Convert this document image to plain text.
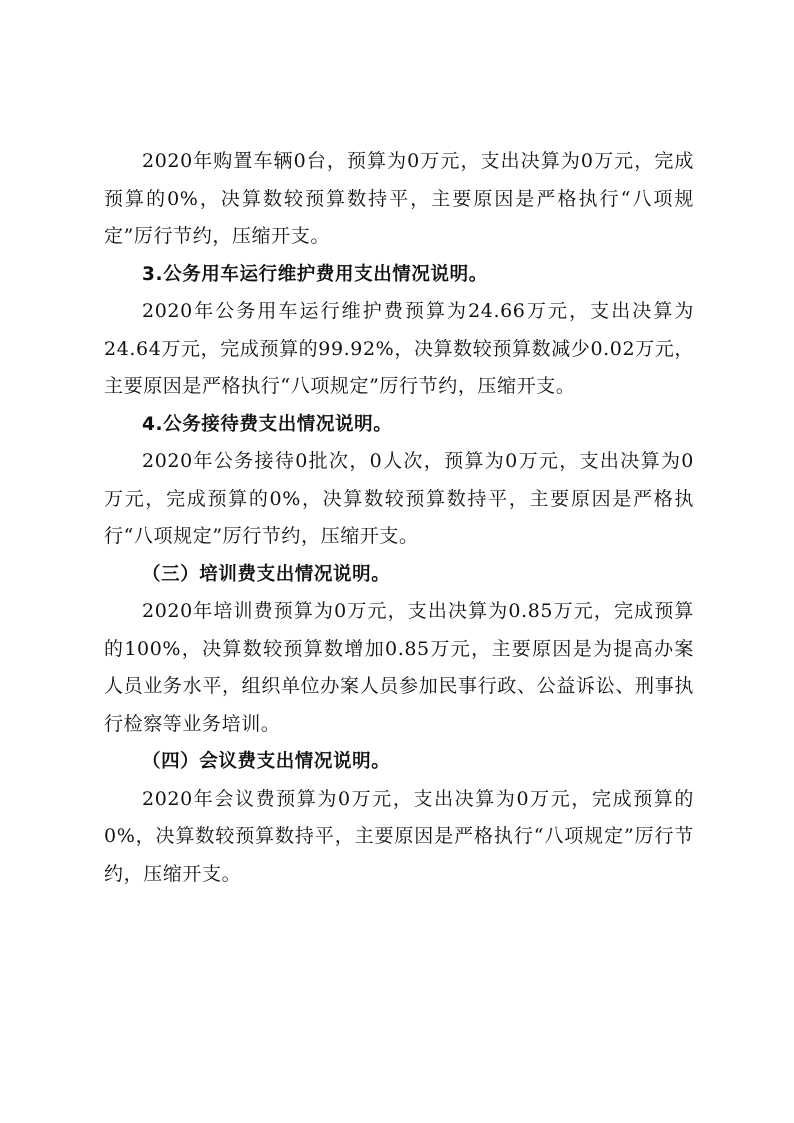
2020年购置车辆0台，预算为0万元，支出决算为0万元，完成预算的0%，决算数较预算数持平，主要原因是严格执行“八项规定”厉行节约，压缩开支。

3.公务用车运行维护费用支出情况说明。

2020年公务用车运行维护费预算为24.66万元，支出决算为24.64万元，完成预算的99.92%，决算数较预算数减少0.02万元，主要原因是严格执行“八项规定”厉行节约，压缩开支。

4.公务接待费支出情况说明。

2020年公务接待0批次，0人次，预算为0万元，支出决算为0万元，完成预算的0%，决算数较预算数持平，主要原因是严格执行“八项规定”厉行节约，压缩开支。

（三）培训费支出情况说明。

2020年培训费预算为0万元，支出决算为0.85万元，完成预算的100%，决算数较预算数增加0.85万元，主要原因是为提高办案人员业务水平，组织单位办案人员参加民事行政、公益诉讼、刑事执行检察等业务培训。

（四）会议费支出情况说明。

2020年会议费预算为0万元，支出决算为0万元，完成预算的0%，决算数较预算数持平，主要原因是严格执行“八项规定”厉行节约，压缩开支。
